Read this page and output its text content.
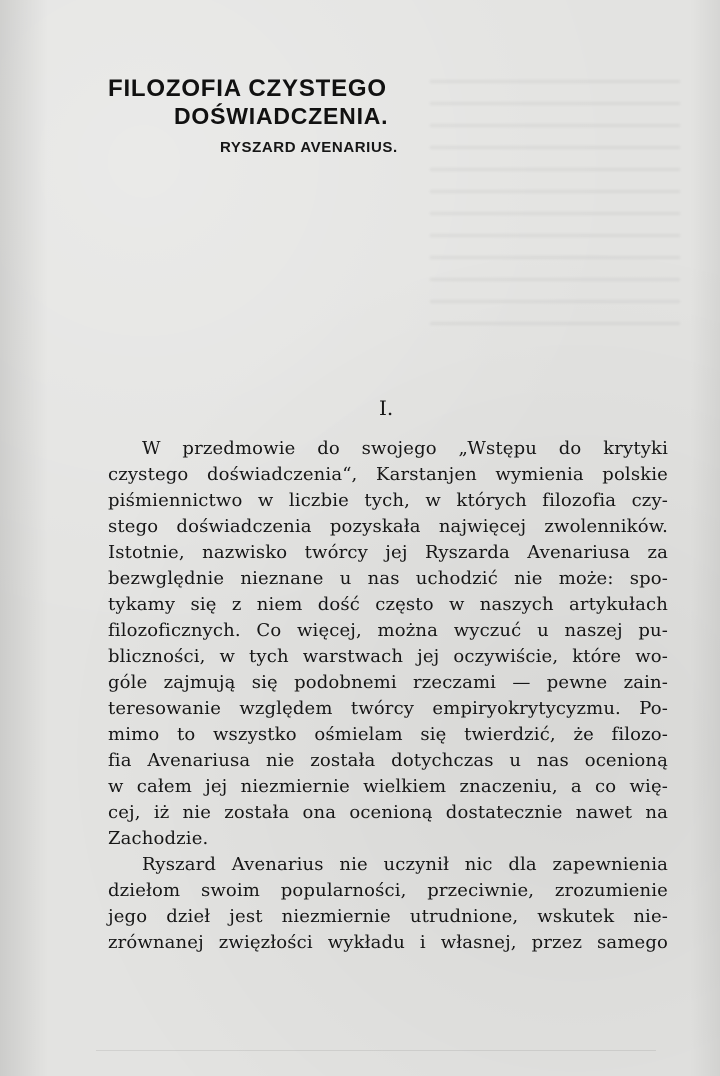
FILOZOFIA CZYSTEGO
DOŚWIADCZENIA.
RYSZARD AVENARIUS.
I.
W przedmowie do swojego „Wstępu do krytyki
czystego doświadczenia“, Karstanjen wymienia polskie
piśmiennictwo w liczbie tych, w których filozofia czy-
stego doświadczenia pozyskała najwięcej zwolenników.
Istotnie, nazwisko twórcy jej Ryszarda Avenariusa za
bezwględnie nieznane u nas uchodzić nie może: spo-
tykamy się z niem dość często w naszych artykułach
filozoficznych. Co więcej, można wyczuć u naszej pu-
bliczności, w tych warstwach jej oczywiście, które wo-
góle zajmują się podobnemi rzeczami — pewne zain-
teresowanie względem twórcy empiryokrytycyzmu. Po-
mimo to wszystko ośmielam się twierdzić, że filozo-
fia Avenariusa nie została dotychczas u nas ocenioną
w całem jej niezmiernie wielkiem znaczeniu, a co wię-
cej, iż nie została ona ocenioną dostatecznie nawet na
Zachodzie.
Ryszard Avenarius nie uczynił nic dla zapewnienia
dziełom swoim popularności, przeciwnie, zrozumienie
jego dzieł jest niezmiernie utrudnione, wskutek nie-
zrównanej zwięzłości wykładu i własnej, przez samego
